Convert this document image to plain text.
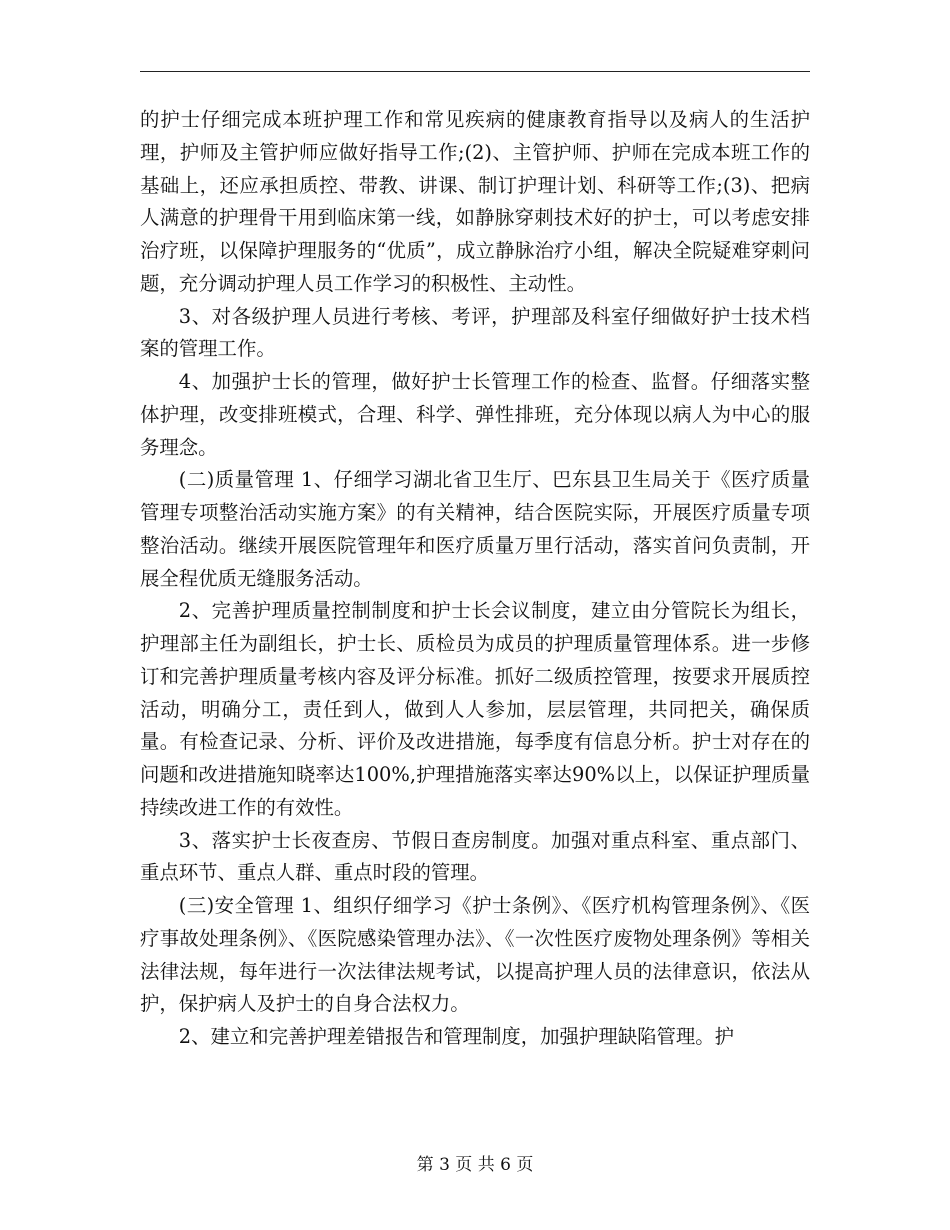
的护士仔细完成本班护理工作和常见疾病的健康教育指导以及病人的生活护理，护师及主管护师应做好指导工作;(2)、主管护师、护师在完成本班工作的基础上，还应承担质控、带教、讲课、制订护理计划、科研等工作;(3)、把病人满意的护理骨干用到临床第一线，如静脉穿刺技术好的护士，可以考虑安排治疗班，以保障护理服务的“优质”，成立静脉治疗小组，解决全院疑难穿刺问题，充分调动护理人员工作学习的积极性、主动性。

3、对各级护理人员进行考核、考评，护理部及科室仔细做好护士技术档案的管理工作。

4、加强护士长的管理，做好护士长管理工作的检查、监督。仔细落实整体护理，改变排班模式，合理、科学、弹性排班，充分体现以病人为中心的服务理念。

(二)质量管理 1、仔细学习湖北省卫生厅、巴东县卫生局关于《医疗质量管理专项整治活动实施方案》的有关精神，结合医院实际，开展医疗质量专项整治活动。继续开展医院管理年和医疗质量万里行活动，落实首问负责制，开展全程优质无缝服务活动。

2、完善护理质量控制制度和护士长会议制度，建立由分管院长为组长，护理部主任为副组长，护士长、质检员为成员的护理质量管理体系。进一步修订和完善护理质量考核内容及评分标准。抓好二级质控管理，按要求开展质控活动，明确分工，责任到人，做到人人参加，层层管理，共同把关，确保质量。有检查记录、分析、评价及改进措施，每季度有信息分析。护士对存在的问题和改进措施知晓率达100%,护理措施落实率达90%以上，以保证护理质量持续改进工作的有效性。

3、落实护士长夜查房、节假日查房制度。加强对重点科室、重点部门、重点环节、重点人群、重点时段的管理。

(三)安全管理 1、组织仔细学习《护士条例》、《医疗机构管理条例》、《医疗事故处理条例》、《医院感染管理办法》、《一次性医疗废物处理条例》等相关法律法规，每年进行一次法律法规考试，以提高护理人员的法律意识，依法从护，保护病人及护士的自身合法权力。

2、建立和完善护理差错报告和管理制度，加强护理缺陷管理。护

第 3 页 共 6 页
